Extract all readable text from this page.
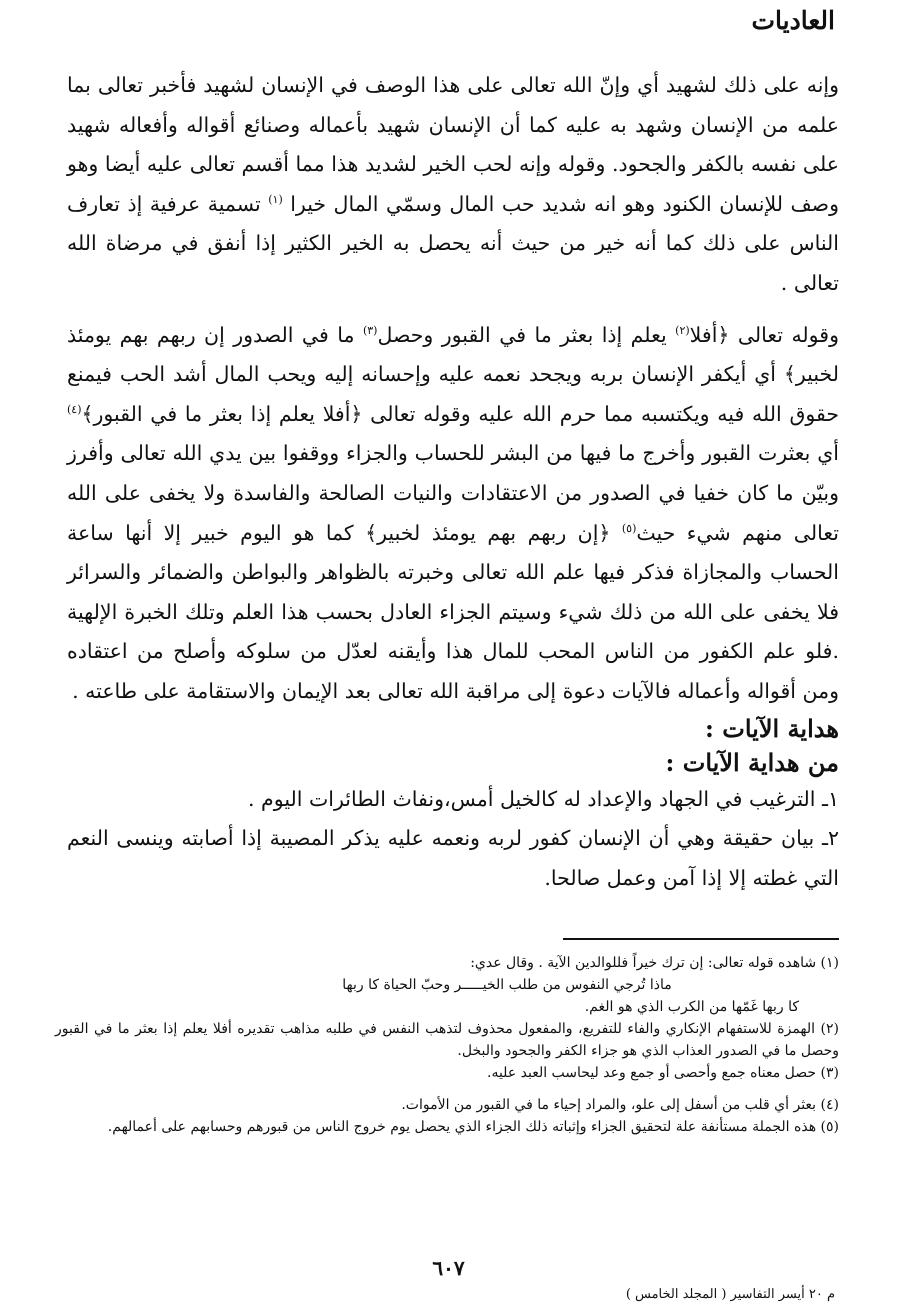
العاديات

وإنه على ذلك لشهيد أي وإنّ الله تعالى على هذا الوصف في الإنسان لشهيد فأخبر تعالى بما علمه من الإنسان وشهد به عليه كما أن الإنسان شهيد بأعماله وصنائع أقواله وأفعاله شهيد على نفسه بالكفر والجحود. وقوله وإنه لحب الخير لشديد هذا مما أقسم تعالى عليه أيضا وهو وصف للإنسان الكنود وهو انه شديد حب المال وسمّي المال خيرا $^{(١)}$ تسمية عرفية إذ تعارف الناس على ذلك كما أنه خير من حيث أنه يحصل به الخير الكثير إذا أنفق في مرضاة الله تعالى .

وقوله تعالى ﴿أفلا$^{(٢)}$ يعلم إذا بعثر ما في القبور وحصل$^{(٣)}$ ما في الصدور إن ربهم بهم يومئذ لخبير﴾ أي أيكفر الإنسان بربه ويجحد نعمه عليه وإحسانه إليه ويحب المال أشد الحب فيمنع حقوق الله فيه ويكتسبه مما حرم الله عليه وقوله تعالى ﴿أفلا يعلم إذا بعثر ما في القبور﴾$^{(٤)}$ أي بعثرت القبور وأخرج ما فيها من البشر للحساب والجزاء ووقفوا بين يدي الله تعالى وأفرز وبيّن ما كان خفيا في الصدور من الاعتقادات والنيات الصالحة والفاسدة ولا يخفى على الله تعالى منهم شيء حيث$^{(٥)}$ ﴿إن ربهم بهم يومئذ لخبير﴾ كما هو اليوم خبير إلا أنها ساعة الحساب والمجازاة فذكر فيها علم الله تعالى وخبرته بالظواهر والبواطن والضمائر والسرائر فلا يخفى على الله من ذلك شيء وسيتم الجزاء العادل بحسب هذا العلم وتلك الخبرة الإلهية .فلو علم الكفور من الناس المحب للمال هذا وأيقنه لعدّل من سلوكه وأصلح من اعتقاده ومن أقواله وأعماله فالآيات دعوة إلى مراقبة الله تعالى بعد الإيمان والاستقامة على طاعته .

هداية الآيات :

من هداية الآيات :

١ـ الترغيب في الجهاد والإعداد له كالخيل أمس،ونفاث الطائرات اليوم .

٢ـ بيان حقيقة وهي أن الإنسان كفور لربه ونعمه عليه يذكر المصيبة إذا أصابته وينسى النعم التي غطته إلا إذا آمن وعمل صالحا.

(١) شاهده قوله تعالى: إن ترك خيراً فللوالدين الآية . وقال عدي:

ماذا تُرجي النفوس من طلب الخيـــــر وحبّ الحياة كا ربها

كا ربها غَمّها من الكرب الذي هو الغم.

(٢) الهمزة للاستفهام الإنكاري والفاء للتفريع، والمفعول محذوف لتذهب النفس في طلبه مذاهب تقديره أفلا يعلم إذا بعثر ما في القبور وحصل ما في الصدور العذاب الذي هو جزاء الكفر والجحود والبخل.

(٣) حصل معناه جمع وأحصى أو جمع وعد ليحاسب العبد عليه.

(٤) بعثر أي قلب من أسفل إلى علو، والمراد إحياء ما في القبور من الأموات.

(٥) هذه الجملة مستأنفة علة لتحقيق الجزاء وإثباته ذلك الجزاء الذي يحصل يوم خروج الناس من قبورهم وحسابهم على أعمالهم.

٦٠٧
م ٢٠ أيسر التفاسير ( المجلد الخامس )
